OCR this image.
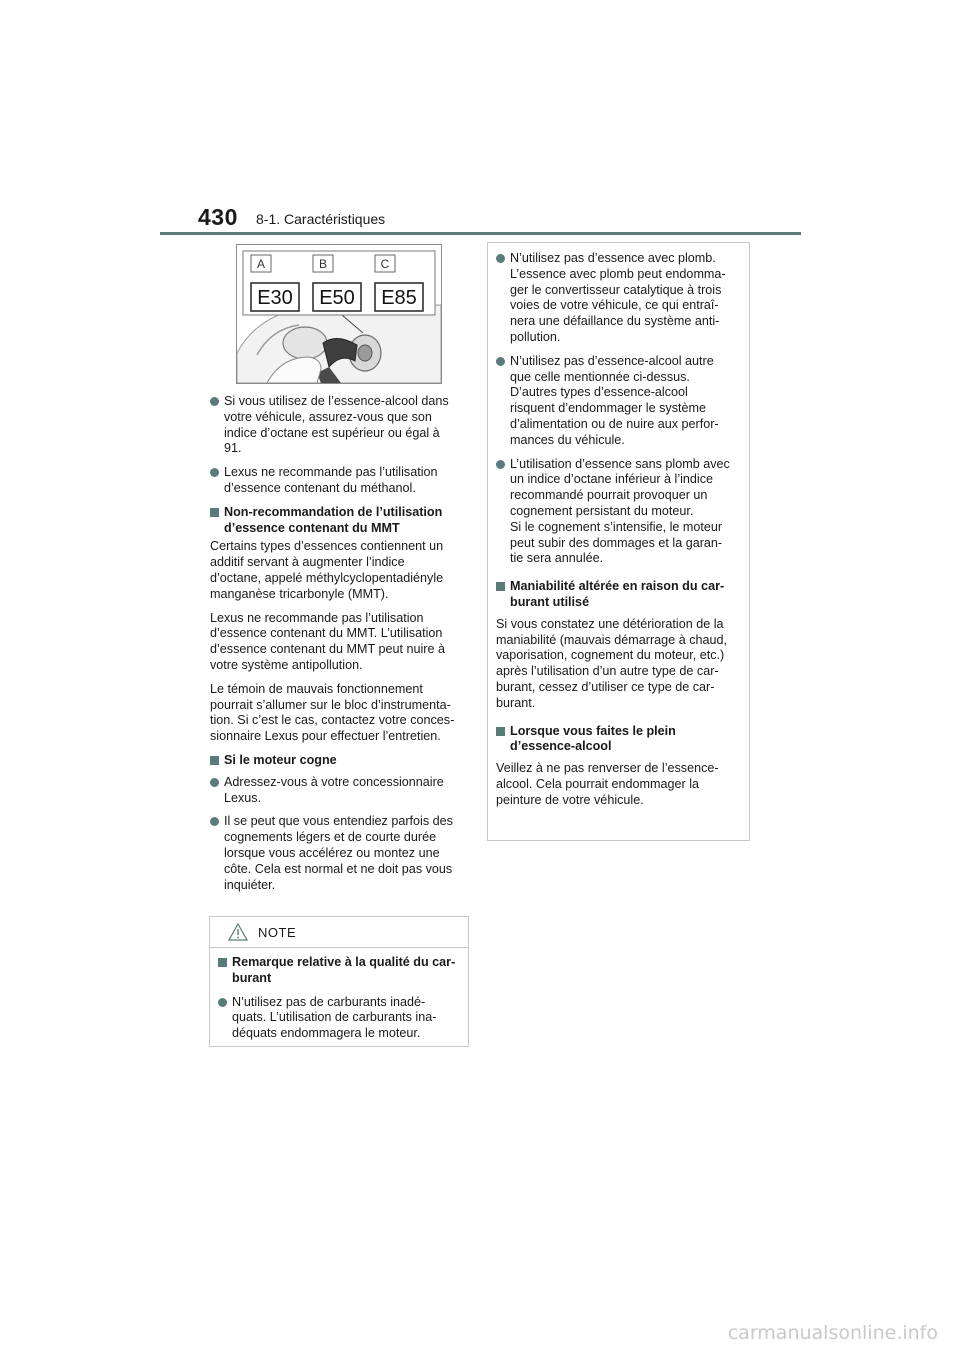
430 8-1. Caractéristiques
A	B	C
E30 E50 E85
Si vous utilisez de l’essence-alcool dans
votre véhicule, assurez-vous que son
indice d’octane est supérieur ou égal à
91.
Lexus ne recommande pas l’utilisation
d’essence contenant du méthanol.
Non-recommandation de l’utilisation
d’essence contenant du MMT
Certains types d’essences contiennent un
additif servant à augmenter l’indice
d’octane, appelé méthylcyclopentadiényle
manganèse tricarbonyle (MMT).
Lexus ne recommande pas l’utilisation
d’essence contenant du MMT. L’utilisation
d’essence contenant du MMT peut nuire à
votre système antipollution.
Le témoin de mauvais fonctionnement
pourrait s’allumer sur le bloc d’instrumenta-
tion. Si c’est le cas, contactez votre conces-
sionnaire Lexus pour effectuer l’entretien.
Si le moteur cogne
Adressez-vous à votre concessionnaire
Lexus.
Il se peut que vous entendiez parfois des
cognements légers et de courte durée
lorsque vous accélérez ou montez une
côte. Cela est normal et ne doit pas vous
inquiéter.
NOTE
Remarque relative à la qualité du car-
burant
N’utilisez pas de carburants inadé-
quats. L’utilisation de carburants ina-
déquats endommagera le moteur.
N’utilisez pas d’essence avec plomb.
L’essence avec plomb peut endomma-
ger le convertisseur catalytique à trois
voies de votre véhicule, ce qui entraî-
nera une défaillance du système anti-
pollution.
N’utilisez pas d’essence-alcool autre
que celle mentionnée ci-dessus.
D’autres types d’essence-alcool
risquent d’endommager le système
d’alimentation ou de nuire aux perfor-
mances du véhicule.
L’utilisation d’essence sans plomb avec
un indice d’octane inférieur à l’indice
recommandé pourrait provoquer un
cognement persistant du moteur.
Si le cognement s’intensifie, le moteur
peut subir des dommages et la garan-
tie sera annulée.
Maniabilité altérée en raison du car-
burant utilisé
Si vous constatez une détérioration de la
maniabilité (mauvais démarrage à chaud,
vaporisation, cognement du moteur, etc.)
après l’utilisation d’un autre type de car-
burant, cessez d’utiliser ce type de car-
burant.
Lorsque vous faites le plein
d’essence-alcool
Veillez à ne pas renverser de l’essence-
alcool. Cela pourrait endommager la
peinture de votre véhicule.
carmanualsonline.info
